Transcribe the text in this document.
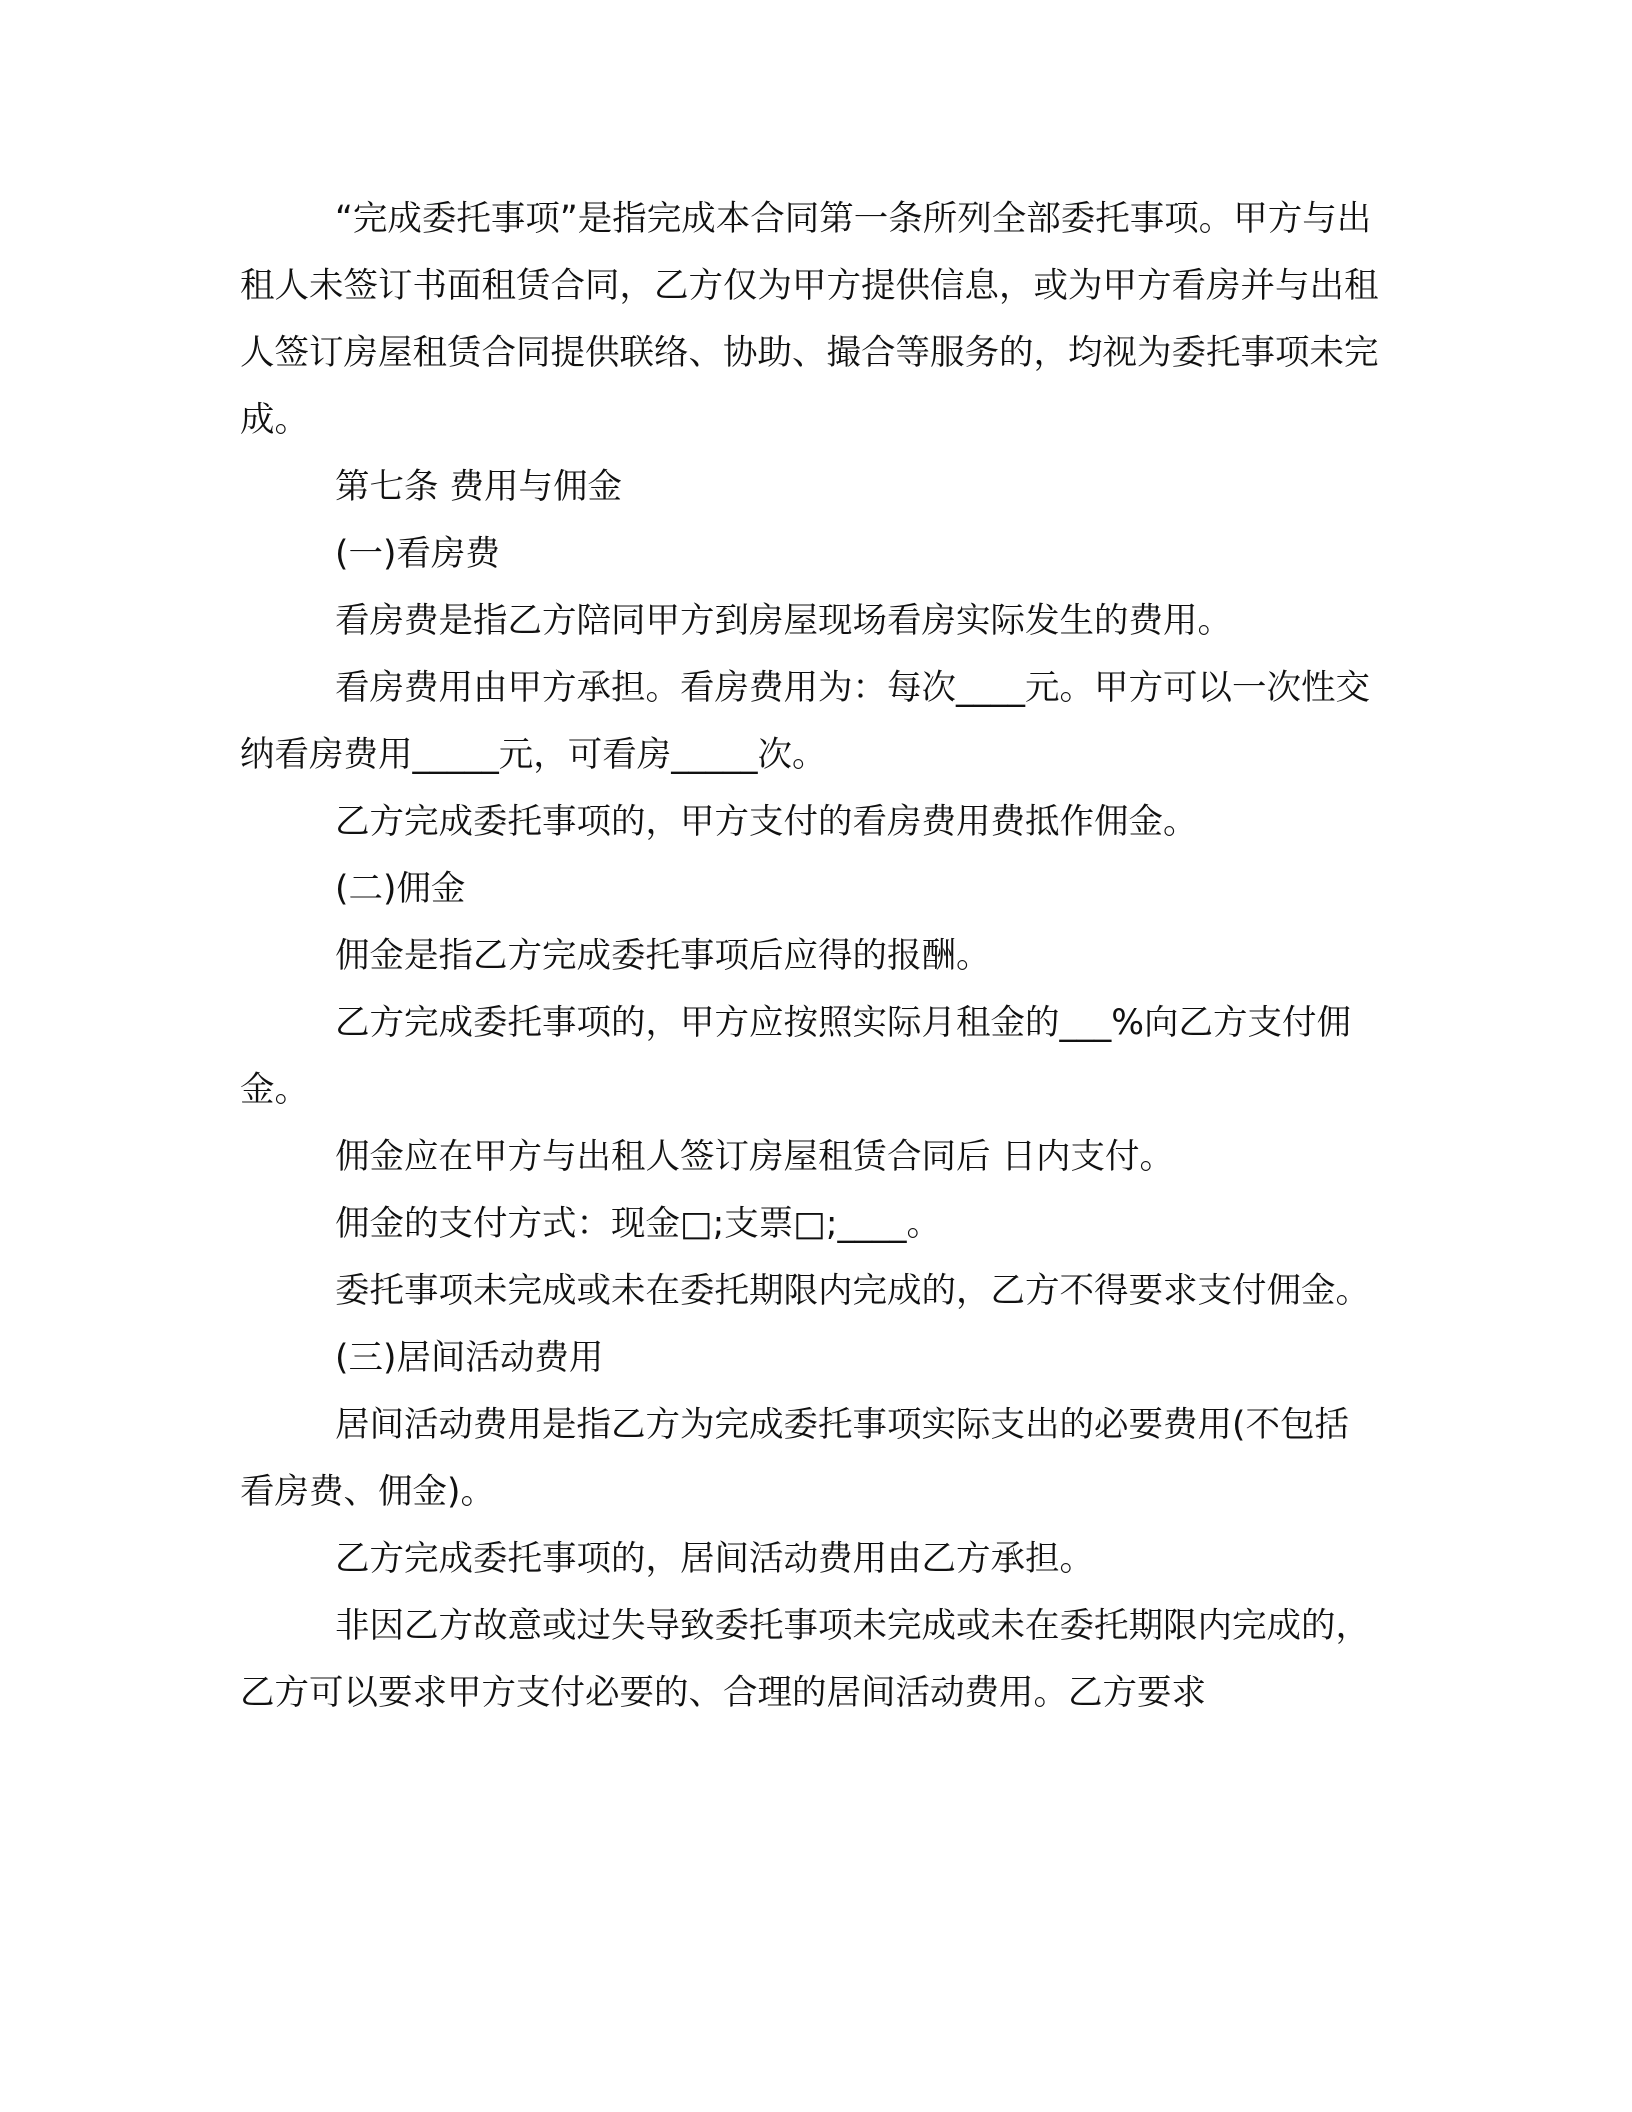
“完成委托事项”是指完成本合同第一条所列全部委托事项。甲方与出租人未签订书面租赁合同，乙方仅为甲方提供信息，或为甲方看房并与出租人签订房屋租赁合同提供联络、协助、撮合等服务的，均视为委托事项未完成。

第七条 费用与佣金

(一)看房费

看房费是指乙方陪同甲方到房屋现场看房实际发生的费用。

看房费用由甲方承担。看房费用为：每次____元。甲方可以一次性交纳看房费用_____元，可看房_____次。

乙方完成委托事项的，甲方支付的看房费用费抵作佣金。

(二)佣金

佣金是指乙方完成委托事项后应得的报酬。

乙方完成委托事项的，甲方应按照实际月租金的___%向乙方支付佣金。

佣金应在甲方与出租人签订房屋租赁合同后 日内支付。

佣金的支付方式：现金□;支票□;____。

委托事项未完成或未在委托期限内完成的，乙方不得要求支付佣金。

(三)居间活动费用

居间活动费用是指乙方为完成委托事项实际支出的必要费用(不包括看房费、佣金)。

乙方完成委托事项的，居间活动费用由乙方承担。

非因乙方故意或过失导致委托事项未完成或未在委托期限内完成的，乙方可以要求甲方支付必要的、合理的居间活动费用。乙方要求
